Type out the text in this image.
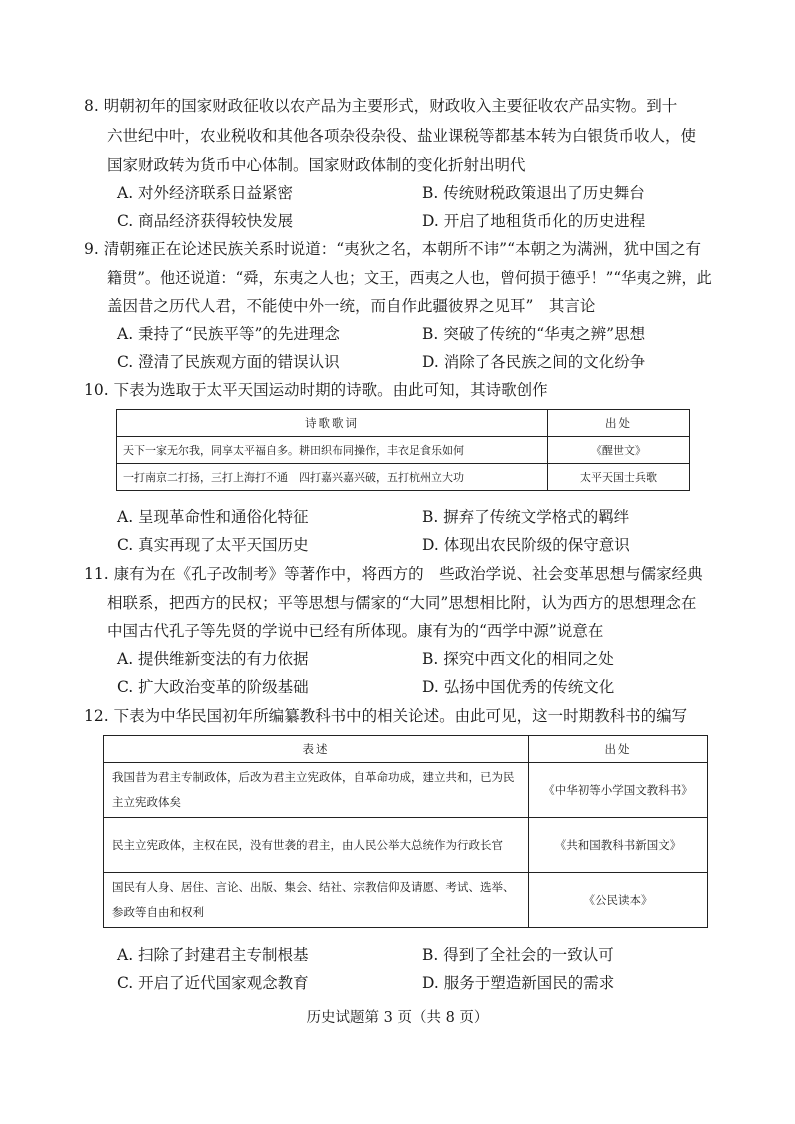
8. 明朝初年的国家财政征收以农产品为主要形式，财政收入主要征收农产品实物。到十
六世纪中叶，农业税收和其他各项杂役杂役、盐业课税等都基本转为白银货币收人，使
国家财政转为货币中心体制。国家财政体制的变化折射出明代
A. 对外经济联系日益紧密	B. 传统财税政策退出了历史舞台
C. 商品经济获得较快发展	D. 开启了地租货币化的历史进程
9. 清朝雍正在论述民族关系时说道：“夷狄之名，本朝所不讳”“本朝之为满洲，犹中国之有
籍贯”。他还说道：“舜，东夷之人也；文王，西夷之人也，曾何损于德乎！”“华夷之辨，此
盖因昔之历代人君，不能使中外一统，而自作此疆彼界之见耳”　其言论
A. 秉持了“民族平等”的先进理念	B. 突破了传统的“华夷之辨”思想
C. 澄清了民族观方面的错误认识	D. 消除了各民族之间的文化纷争
10. 下表为选取于太平天国运动时期的诗歌。由此可知，其诗歌创作
诗歌歌词	出处
天下一家无尔我，同享太平福自多。耕田织布同操作，丰衣足食乐如何	《醒世文》
一打南京二打扬，三打上海打不通　四打嘉兴嘉兴破，五打杭州立大功	太平天国士兵歌
A. 呈现革命性和通俗化特征	B. 摒弃了传统文学格式的羁绊
C. 真实再现了太平天国历史	D. 体现出农民阶级的保守意识
11. 康有为在《孔子改制考》等著作中，将西方的　些政治学说、社会变革思想与儒家经典
相联系，把西方的民权；平等思想与儒家的“大同”思想相比附，认为西方的思想理念在
中国古代孔子等先贤的学说中已经有所体现。康有为的“西学中源”说意在
A. 提供维新变法的有力依据	B. 探究中西文化的相同之处
C. 扩大政治变革的阶级基础	D. 弘扬中国优秀的传统文化
12. 下表为中华民国初年所编纂教科书中的相关论述。由此可见，这一时期教科书的编写
表述	出处
我国昔为君主专制政体，后改为君主立宪政体，自革命功成，建立共和，已为民主立宪政体矣	《中华初等小学国文教科书》
民主立宪政体，主权在民，没有世袭的君主，由人民公举大总统作为行政长官	《共和国教科书新国文》
国民有人身、居住、言论、出版、集会、结社、宗教信仰及请愿、考试、选举、参政等自由和权利	《公民读本》
A. 扫除了封建君主专制根基	B. 得到了全社会的一致认可
C. 开启了近代国家观念教育	D. 服务于塑造新国民的需求
历史试题第 3 页（共 8 页）
